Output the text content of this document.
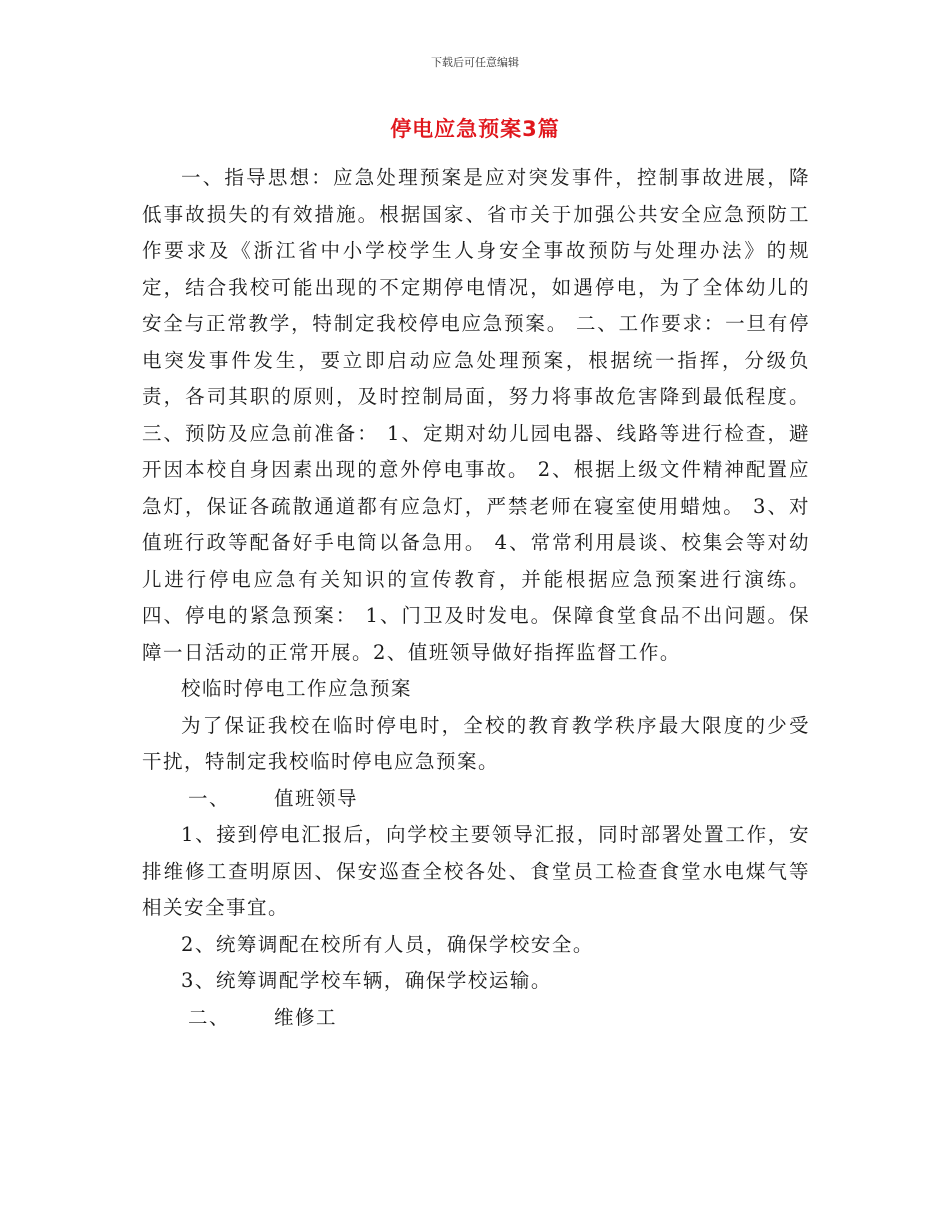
下载后可任意编辑
停电应急预案3篇

一、指导思想：应急处理预案是应对突发事件，控制事故进展，降低事故损失的有效措施。根据国家、省市关于加强公共安全应急预防工作要求及《浙江省中小学校学生人身安全事故预防与处理办法》的规定，结合我校可能出现的不定期停电情况，如遇停电，为了全体幼儿的安全与正常教学，特制定我校停电应急预案。 二、工作要求：一旦有停电突发事件发生，要立即启动应急处理预案，根据统一指挥，分级负责，各司其职的原则，及时控制局面，努力将事故危害降到最低程度。 三、预防及应急前准备： 1、定期对幼儿园电器、线路等进行检查，避开因本校自身因素出现的意外停电事故。 2、根据上级文件精神配置应急灯，保证各疏散通道都有应急灯，严禁老师在寝室使用蜡烛。 3、对值班行政等配备好手电筒以备急用。 4、常常利用晨谈、校集会等对幼儿进行停电应急有关知识的宣传教育，并能根据应急预案进行演练。 四、停电的紧急预案： 1、门卫及时发电。保障食堂食品不出问题。保障一日活动的正常开展。2、值班领导做好指挥监督工作。

校临时停电工作应急预案

为了保证我校在临时停电时，全校的教育教学秩序最大限度的少受干扰，特制定我校临时停电应急预案。

一、 值班领导

1、接到停电汇报后，向学校主要领导汇报，同时部署处置工作，安排维修工查明原因、保安巡查全校各处、食堂员工检查食堂水电煤气等相关安全事宜。

2、统筹调配在校所有人员，确保学校安全。

3、统筹调配学校车辆，确保学校运输。

二、 维修工
